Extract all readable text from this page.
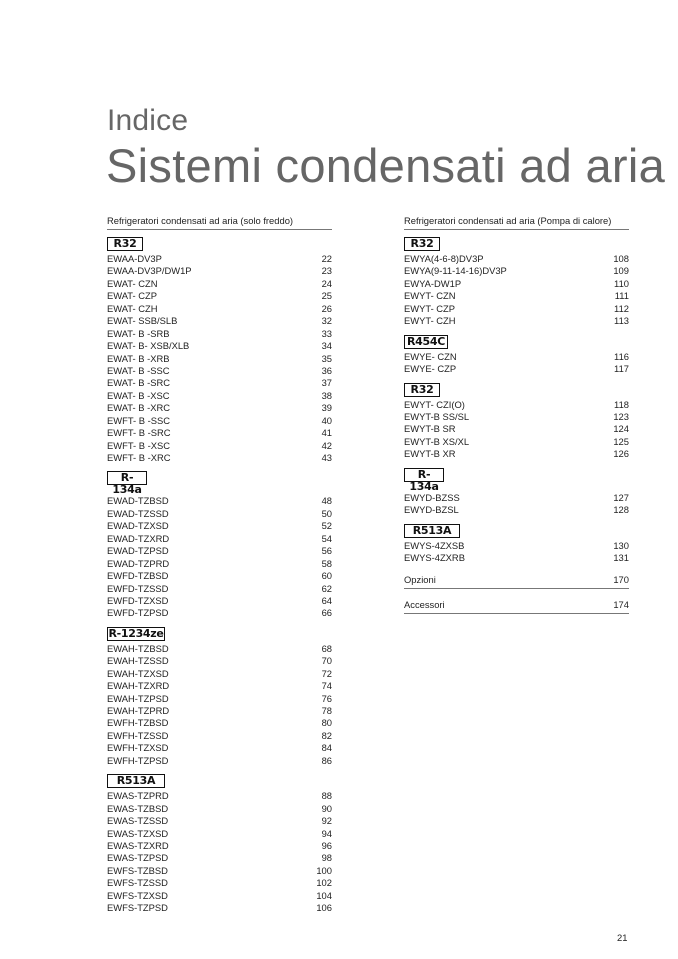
Indice
Sistemi condensati ad aria
Refrigeratori condensati ad aria (solo freddo)
R32
EWAA-DV3P	22
EWAA-DV3P/DW1P	23
EWAT- CZN	24
EWAT- CZP	25
EWAT- CZH	26
EWAT- SSB/SLB	32
EWAT- B -SRB	33
EWAT- B- XSB/XLB	34
EWAT- B -XRB	35
EWAT- B -SSC	36
EWAT- B -SRC	37
EWAT- B -XSC	38
EWAT- B -XRC	39
EWFT- B -SSC	40
EWFT- B -SRC	41
EWFT- B -XSC	42
EWFT- B -XRC	43
R-134a
EWAD-TZBSD	48
EWAD-TZSSD	50
EWAD-TZXSD	52
EWAD-TZXRD	54
EWAD-TZPSD	56
EWAD-TZPRD	58
EWFD-TZBSD	60
EWFD-TZSSD	62
EWFD-TZXSD	64
EWFD-TZPSD	66
R-1234ze
EWAH-TZBSD	68
EWAH-TZSSD	70
EWAH-TZXSD	72
EWAH-TZXRD	74
EWAH-TZPSD	76
EWAH-TZPRD	78
EWFH-TZBSD	80
EWFH-TZSSD	82
EWFH-TZXSD	84
EWFH-TZPSD	86
R513A
EWAS-TZPRD	88
EWAS-TZBSD	90
EWAS-TZSSD	92
EWAS-TZXSD	94
EWAS-TZXRD	96
EWAS-TZPSD	98
EWFS-TZBSD	100
EWFS-TZSSD	102
EWFS-TZXSD	104
EWFS-TZPSD	106
Refrigeratori condensati ad aria (Pompa di calore)
R32
EWYA(4-6-8)DV3P	108
EWYA(9-11-14-16)DV3P	109
EWYA-DW1P	110
EWYT- CZN	111
EWYT- CZP	112
EWYT- CZH	113
R454C
EWYE- CZN	116
EWYE- CZP	117
R32
EWYT- CZI(O)	118
EWYT-B SS/SL	123
EWYT-B SR	124
EWYT-B XS/XL	125
EWYT-B XR	126
R-134a
EWYD-BZSS	127
EWYD-BZSL	128
R513A
EWYS-4ZXSB	130
EWYS-4ZXRB	131
Opzioni	170
Accessori	174
21
